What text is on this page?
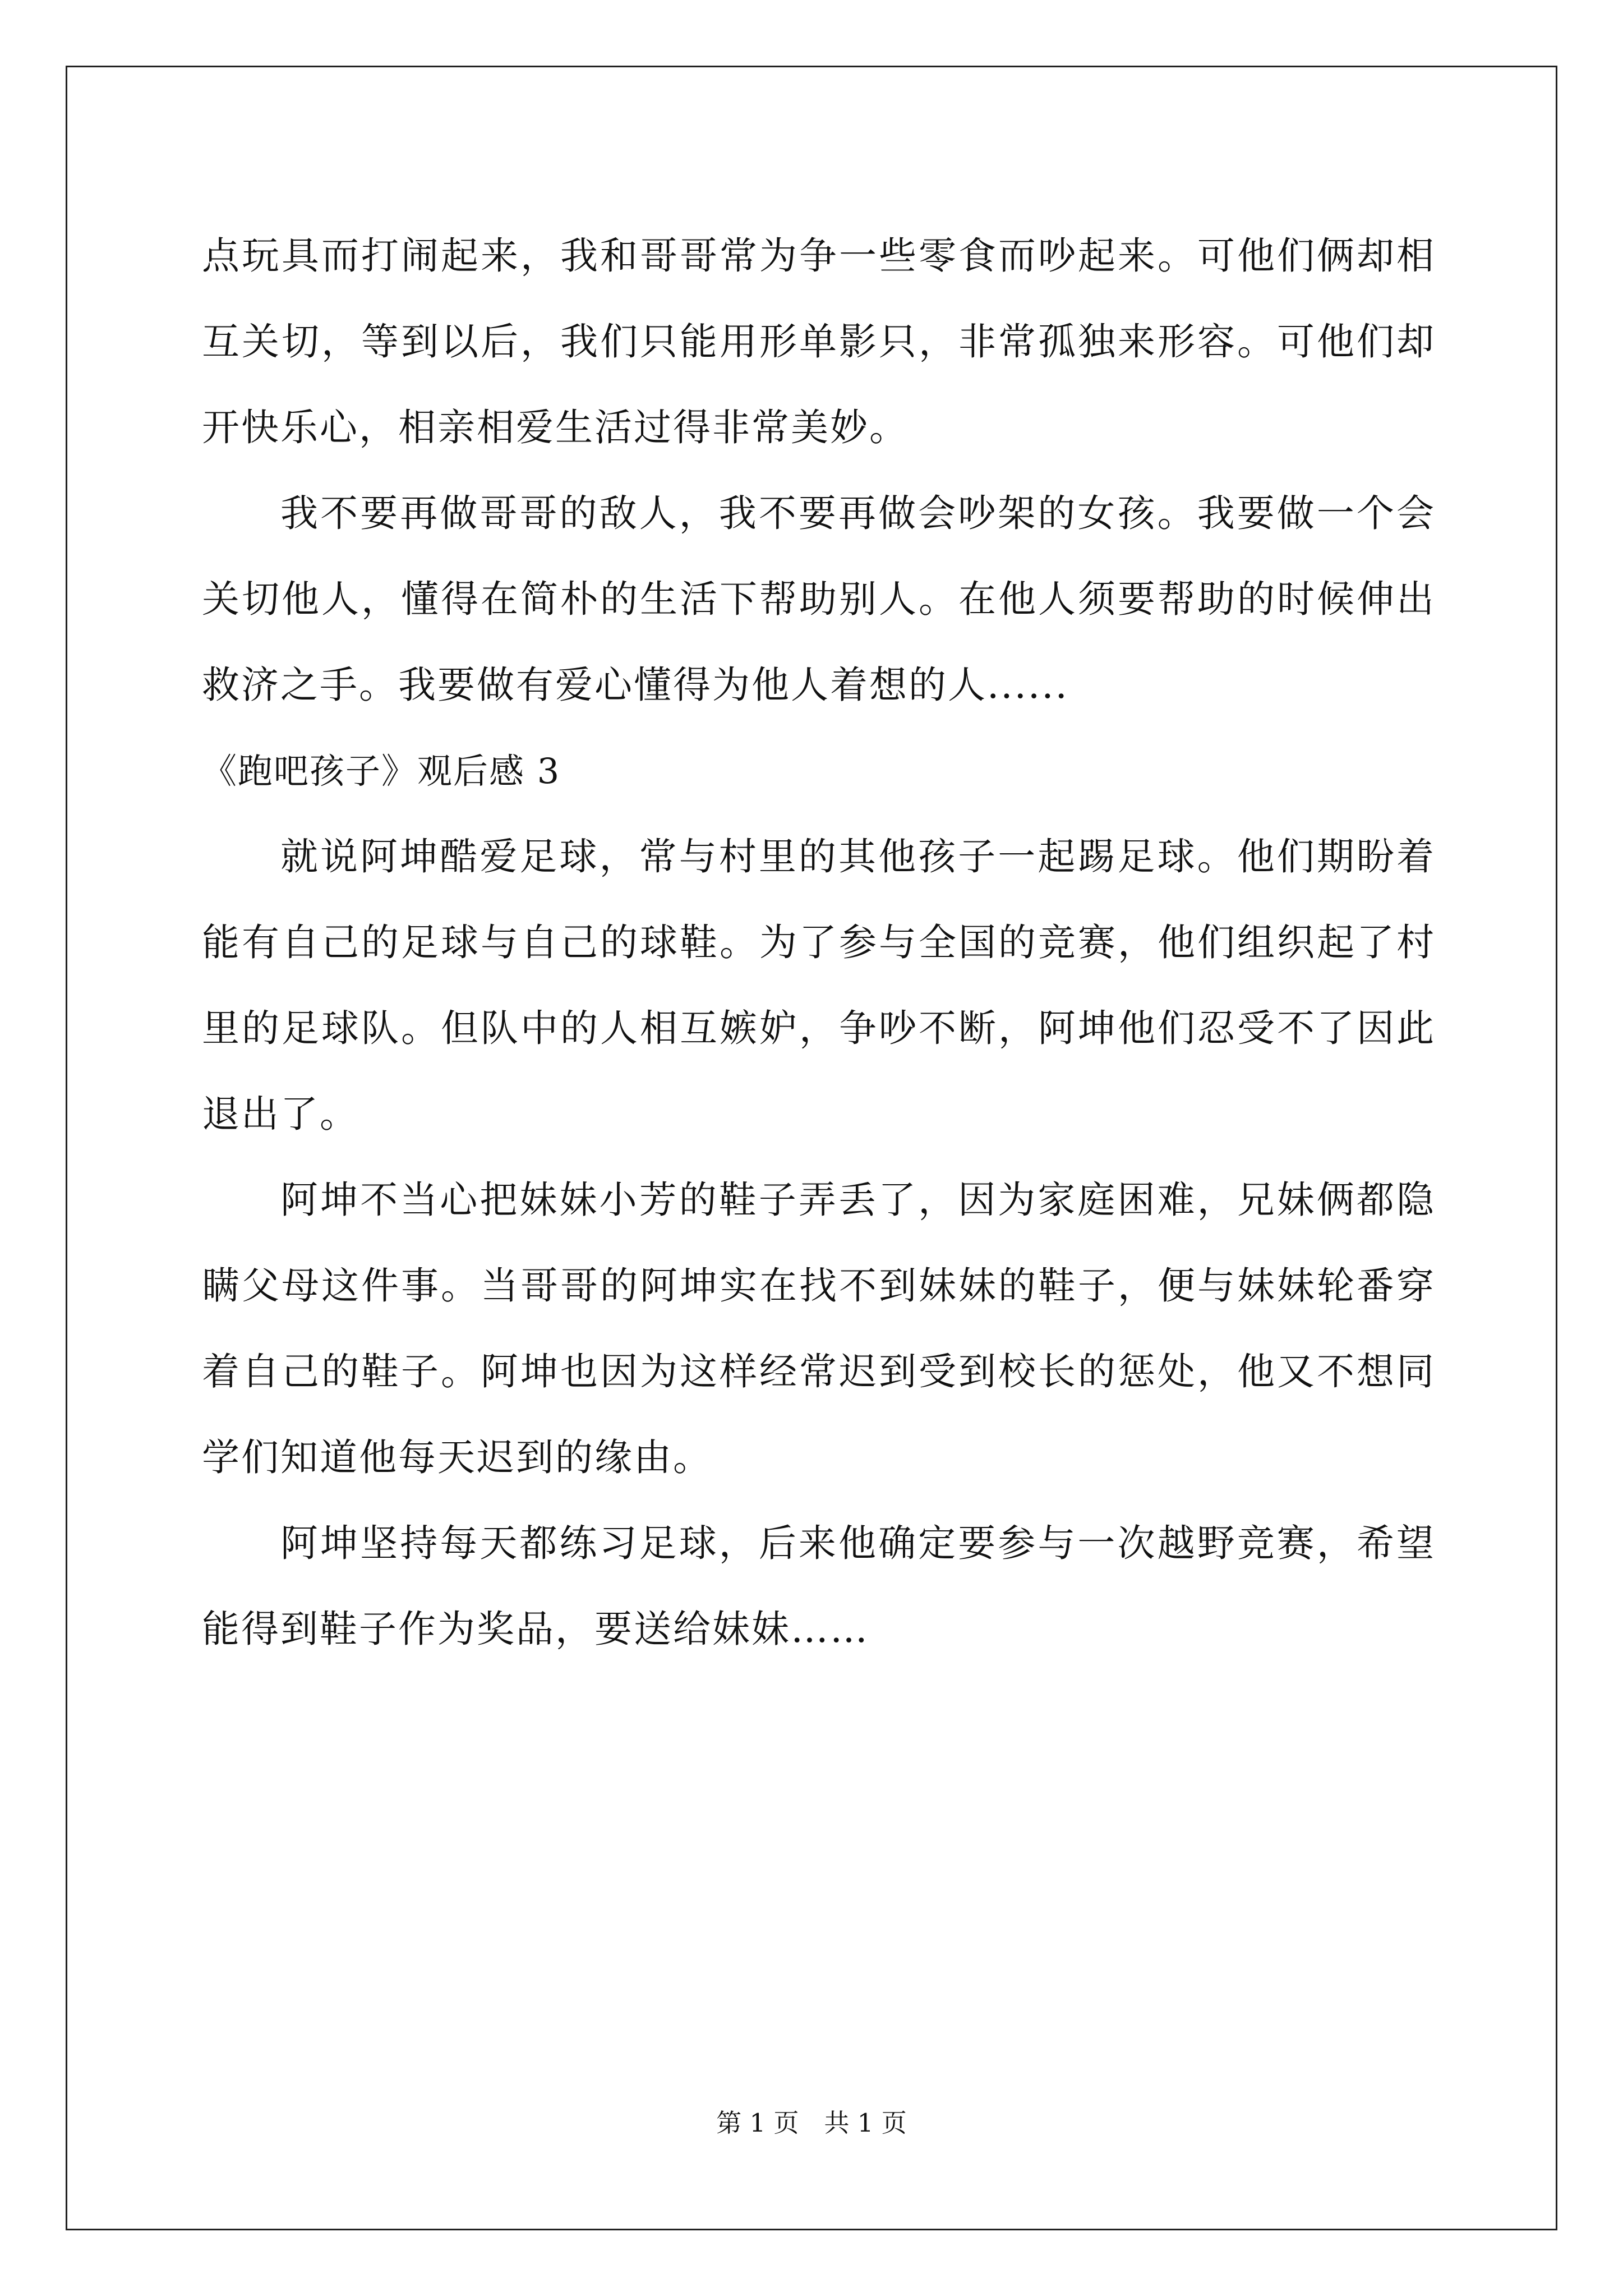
点玩具而打闹起来，我和哥哥常为争一些零食而吵起来。可他们俩却相互关切，等到以后，我们只能用形单影只，非常孤独来形容。可他们却开快乐心，相亲相爱生活过得非常美妙。

我不要再做哥哥的敌人，我不要再做会吵架的女孩。我要做一个会关切他人，懂得在简朴的生活下帮助别人。在他人须要帮助的时候伸出救济之手。我要做有爱心懂得为他人着想的人......

《跑吧孩子》观后感 3

就说阿坤酷爱足球，常与村里的其他孩子一起踢足球。他们期盼着能有自己的足球与自己的球鞋。为了参与全国的竞赛，他们组织起了村里的足球队。但队中的人相互嫉妒，争吵不断，阿坤他们忍受不了因此退出了。

阿坤不当心把妹妹小芳的鞋子弄丢了，因为家庭困难，兄妹俩都隐瞒父母这件事。当哥哥的阿坤实在找不到妹妹的鞋子，便与妹妹轮番穿着自己的鞋子。阿坤也因为这样经常迟到受到校长的惩处，他又不想同学们知道他每天迟到的缘由。

阿坤坚持每天都练习足球，后来他确定要参与一次越野竞赛，希望能得到鞋子作为奖品，要送给妹妹……

第 1 页　共 1 页
